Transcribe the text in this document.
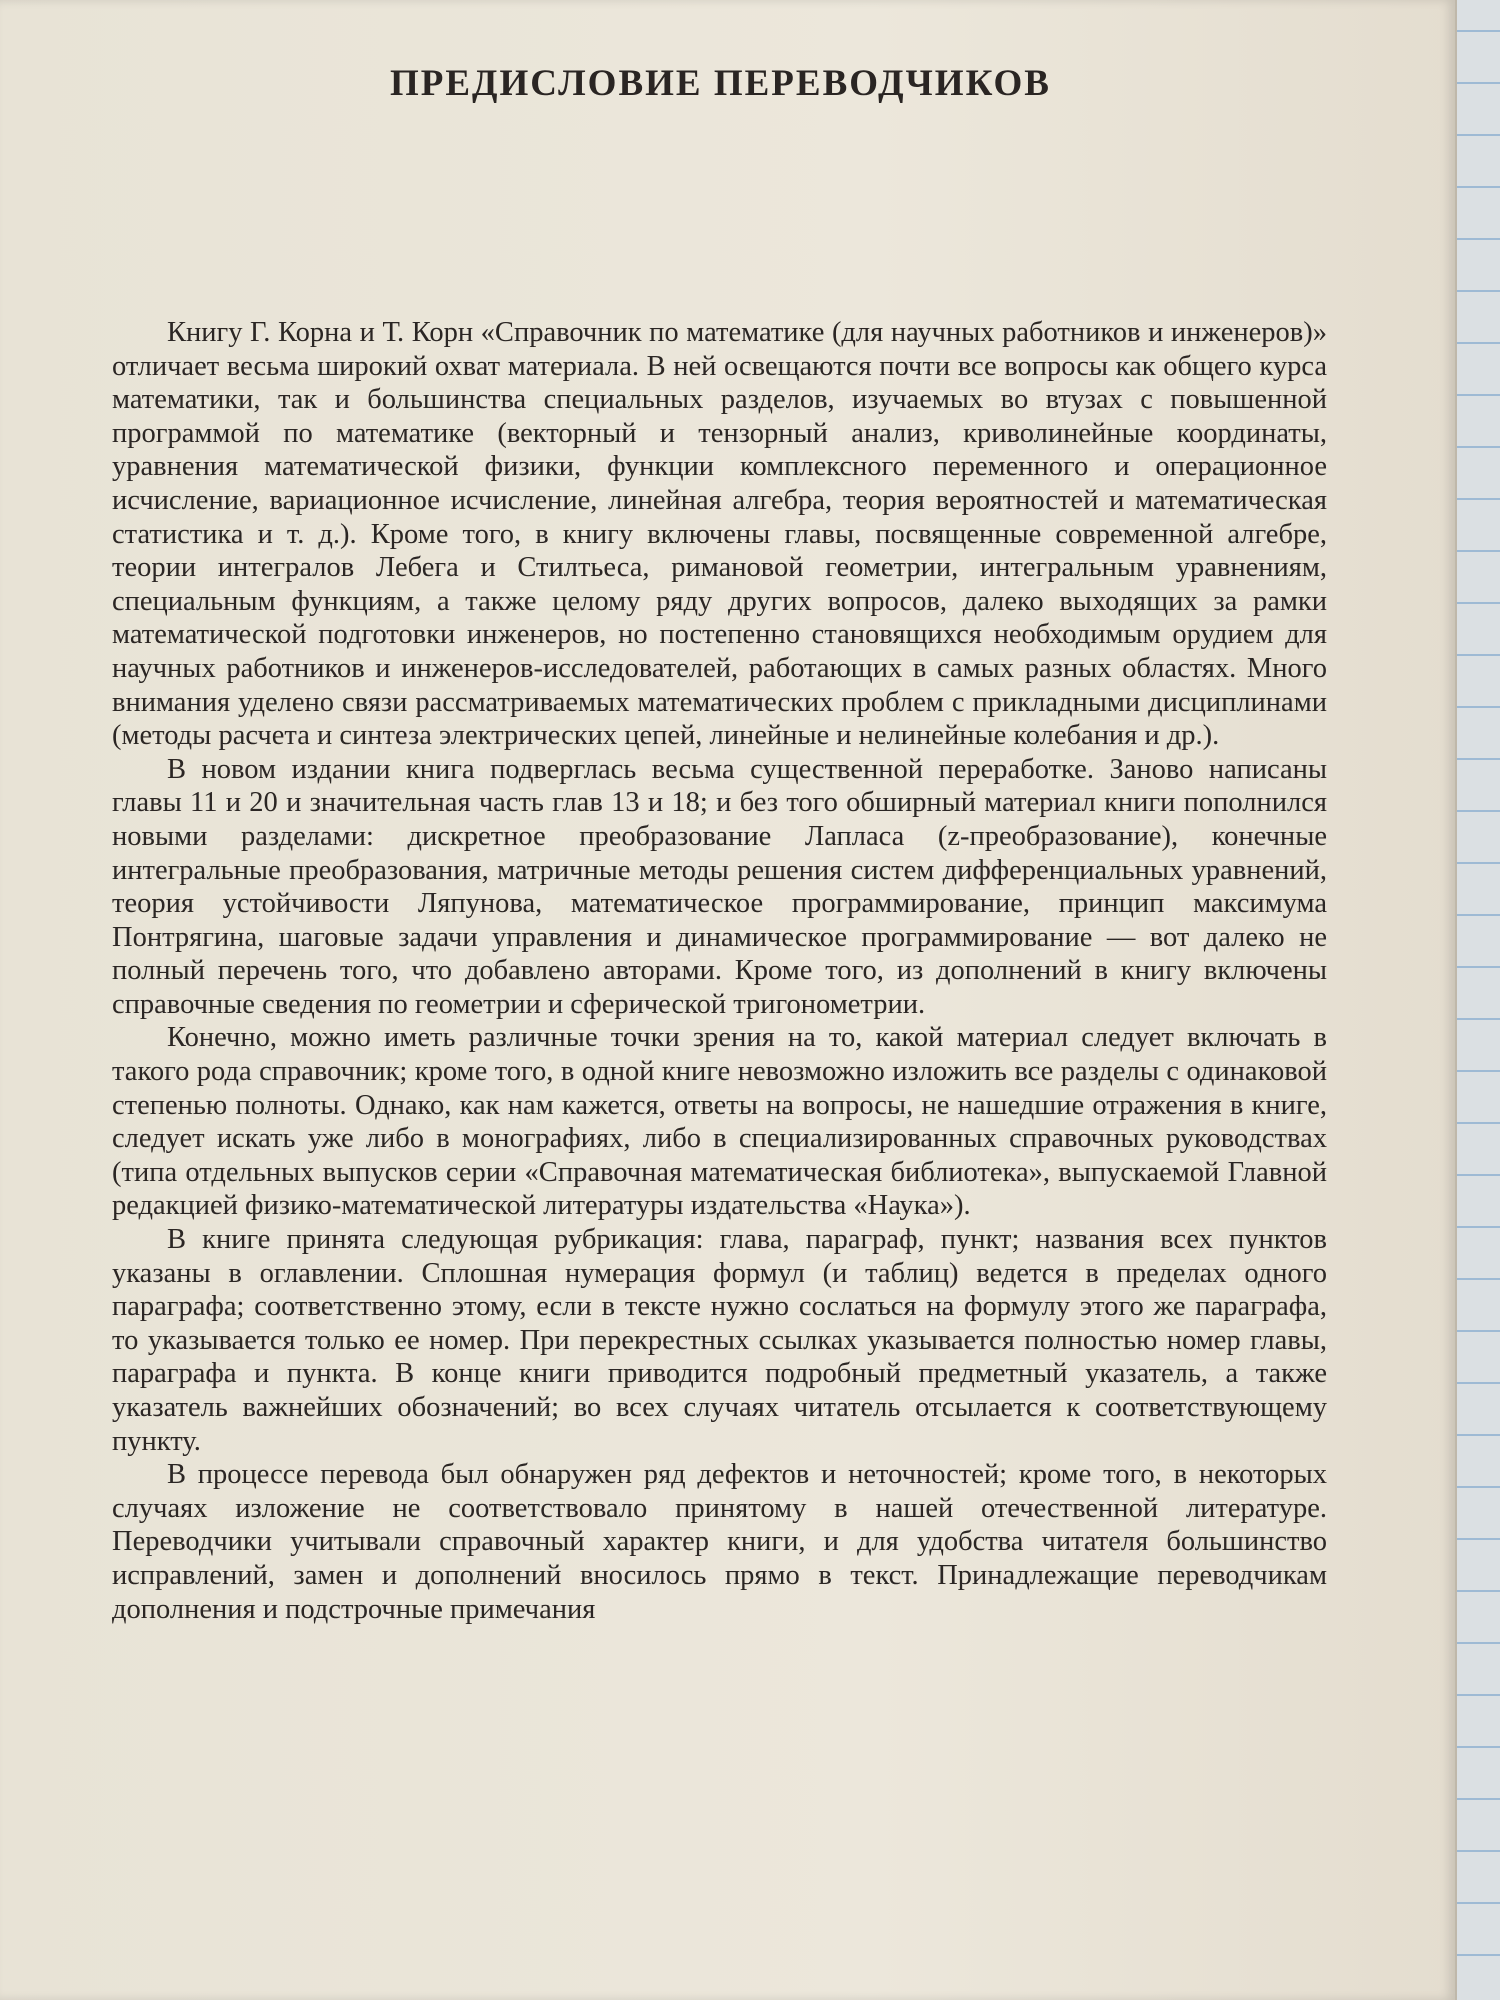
ПРЕДИСЛОВИЕ ПЕРЕВОДЧИКОВ

Книгу Г. Корна и Т. Корн «Справочник по математике (для научных работников и инженеров)» отличает весьма широкий охват материала. В ней освещаются почти все вопросы как общего курса математики, так и большинства специальных разделов, изучаемых во втузах с повышенной программой по математике (векторный и тензорный анализ, криволинейные координаты, уравнения математической физики, функции комплексного переменного и операционное исчисление, вариационное исчисление, линейная алгебра, теория вероятностей и математическая статистика и т. д.). Кроме того, в книгу включены главы, посвященные современной алгебре, теории интегралов Лебега и Стилтьеса, римановой геометрии, интегральным уравнениям, специальным функциям, а также целому ряду других вопросов, далеко выходящих за рамки математической подготовки инженеров, но постепенно становящихся необходимым орудием для научных работников и инженеров-исследователей, работающих в самых разных областях. Много внимания уделено связи рассматриваемых математических проблем с прикладными дисциплинами (методы расчета и синтеза электрических цепей, линейные и нелинейные колебания и др.).

В новом издании книга подверглась весьма существенной переработке. Заново написаны главы 11 и 20 и значительная часть глав 13 и 18; и без того обширный материал книги пополнился новыми разделами: дискретное преобразование Лапласа (z-преобразование), конечные интегральные преобразования, матричные методы решения систем дифференциальных уравнений, теория устойчивости Ляпунова, математическое программирование, принцип максимума Понтрягина, шаговые задачи управления и динамическое программирование — вот далеко не полный перечень того, что добавлено авторами. Кроме того, из дополнений в книгу включены справочные сведения по геометрии и сферической тригонометрии.

Конечно, можно иметь различные точки зрения на то, какой материал следует включать в такого рода справочник; кроме того, в одной книге невозможно изложить все разделы с одинаковой степенью полноты. Однако, как нам кажется, ответы на вопросы, не нашедшие отражения в книге, следует искать уже либо в монографиях, либо в специализированных справочных руководствах (типа отдельных выпусков серии «Справочная математическая библиотека», выпускаемой Главной редакцией физико-математической литературы издательства «Наука»).

В книге принята следующая рубрикация: глава, параграф, пункт; названия всех пунктов указаны в оглавлении. Сплошная нумерация формул (и таблиц) ведется в пределах одного параграфа; соответственно этому, если в тексте нужно сослаться на формулу этого же параграфа, то указывается только ее номер. При перекрестных ссылках указывается полностью номер главы, параграфа и пункта. В конце книги приводится подробный предметный указатель, а также указатель важнейших обозначений; во всех случаях читатель отсылается к соответствующему пункту.

В процессе перевода был обнаружен ряд дефектов и неточностей; кроме того, в некоторых случаях изложение не соответствовало принятому в нашей отечественной литературе. Переводчики учитывали справочный характер книги, и для удобства читателя большинство исправлений, замен и дополнений вносилось прямо в текст. Принадлежащие переводчикам дополнения и подстрочные примечания
